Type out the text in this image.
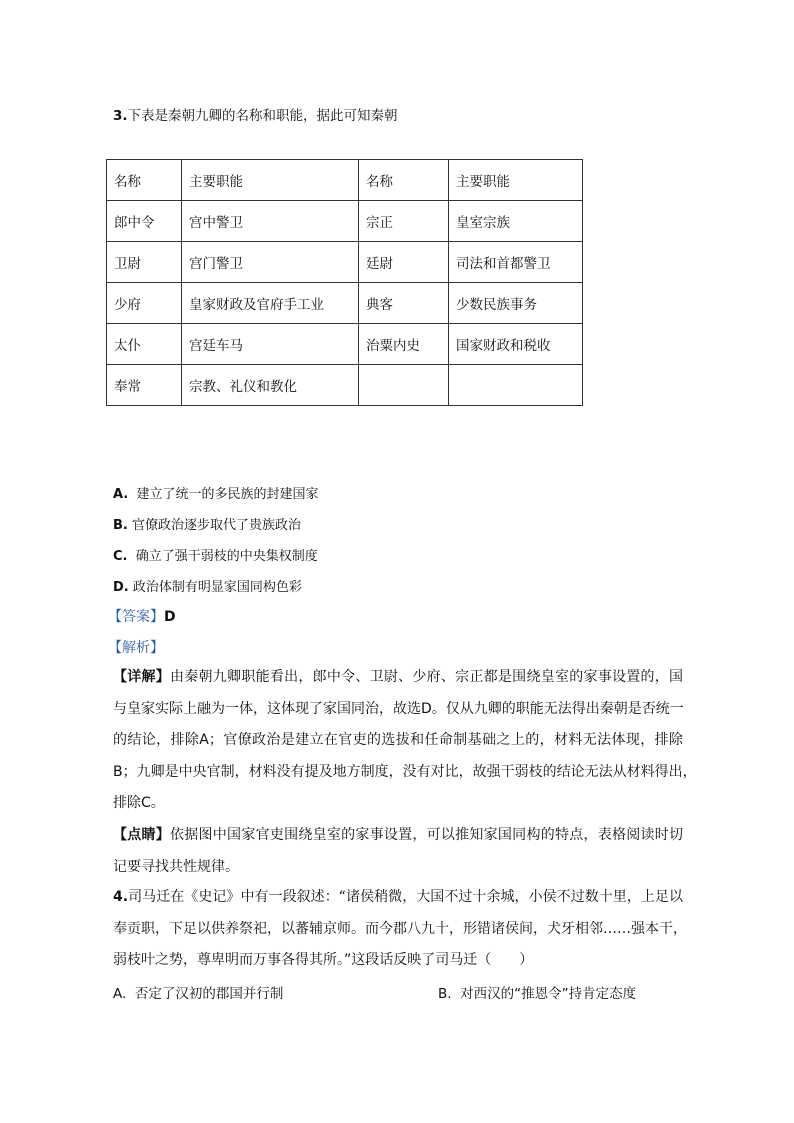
3.下表是秦朝九卿的名称和职能，据此可知秦朝
名称	主要职能	名称	主要职能
郎中令	宫中警卫	宗正	皇室宗族
卫尉	宫门警卫	廷尉	司法和首都警卫
少府	皇家财政及官府手工业	典客	少数民族事务
太仆	宫廷车马	治粟内史	国家财政和税收
奉常	宗教、礼仪和教化		
A. 建立了统一的多民族的封建国家
B. 官僚政治逐步取代了贵族政治
C. 确立了强干弱枝的中央集权制度
D. 政治体制有明显家国同构色彩
【答案】D
【解析】
【详解】由秦朝九卿职能看出，郎中令、卫尉、少府、宗正都是围绕皇室的家事设置的，国
与皇家实际上融为一体，这体现了家国同治，故选D。仅从九卿的职能无法得出秦朝是否统一
的结论，排除A；官僚政治是建立在官吏的选拔和任命制基础之上的，材料无法体现，排除
B；九卿是中央官制，材料没有提及地方制度，没有对比，故强干弱枝的结论无法从材料得出，
排除C。
【点睛】依据图中国家官吏围绕皇室的家事设置，可以推知家国同构的特点，表格阅读时切
记要寻找共性规律。
4.司马迁在《史记》中有一段叙述：“诸侯稍微，大国不过十余城，小侯不过数十里，上足以
奉贡职，下足以供养祭祀，以蕃辅京师。而今郡八九十，形错诸侯间，犬牙相邻……强本干，
弱枝叶之势，尊卑明而万事各得其所。”这段话反映了司马迁（　　）
A. 否定了汉初的郡国并行制	B. 对西汉的“推恩令”持肯定态度
